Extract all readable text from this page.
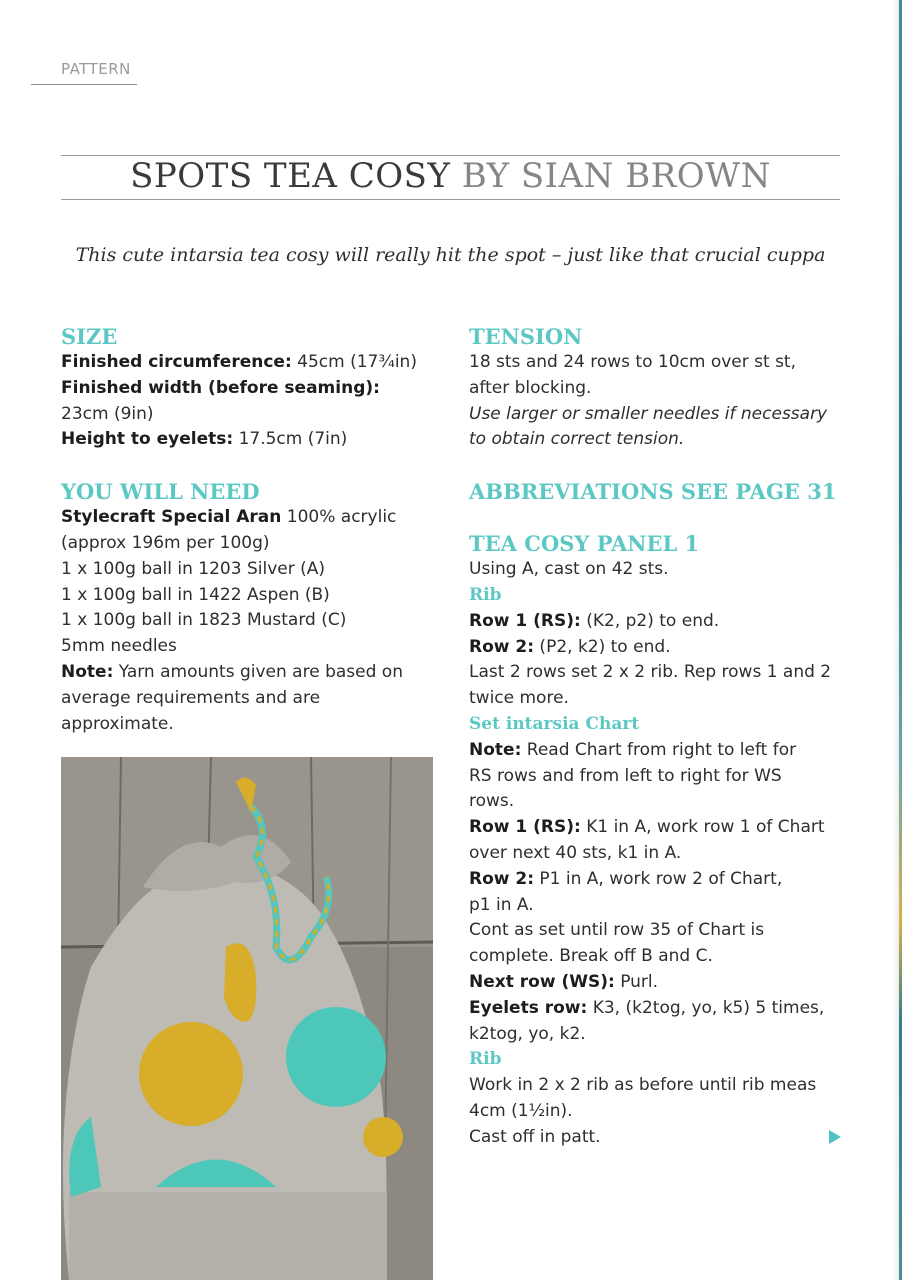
PATTERN
SPOTS TEA COSY BY SIAN BROWN
This cute intarsia tea cosy will really hit the spot – just like that crucial cuppa
SIZE

Finished circumference: 45cm (17¾in)

Finished width (before seaming):
23cm (9in)

Height to eyelets: 17.5cm (7in)

YOU WILL NEED

Stylecraft Special Aran 100% acrylic

(approx 196m per 100g)

1 x 100g ball in 1203 Silver (A)

1 x 100g ball in 1422 Aspen (B)

1 x 100g ball in 1823 Mustard (C)

5mm needles

Note: Yarn amounts given are based on average requirements and are approximate.

TENSION

18 sts and 24 rows to 10cm over st st, after blocking.

Use larger or smaller needles if necessary to obtain correct tension.

ABBREVIATIONS SEE PAGE 31
TEA COSY PANEL 1

Using A, cast on 42 sts.

Rib

Row 1 (RS): (K2, p2) to end.

Row 2: (P2, k2) to end.

Last 2 rows set 2 x 2 rib. Rep rows 1 and 2 twice more.

Set intarsia Chart

Note: Read Chart from right to left for RS rows and from left to right for WS rows.

Row 1 (RS): K1 in A, work row 1 of Chart over next 40 sts, k1 in A.

Row 2: P1 in A, work row 2 of Chart, p1 in A.

Cont as set until row 35 of Chart is complete. Break off B and C.

Next row (WS): Purl.

Eyelets row: K3, (k2tog, yo, k5) 5 times, k2tog, yo, k2.

Rib

Work in 2 x 2 rib as before until rib meas 4cm (1½in).

Cast off in patt.
